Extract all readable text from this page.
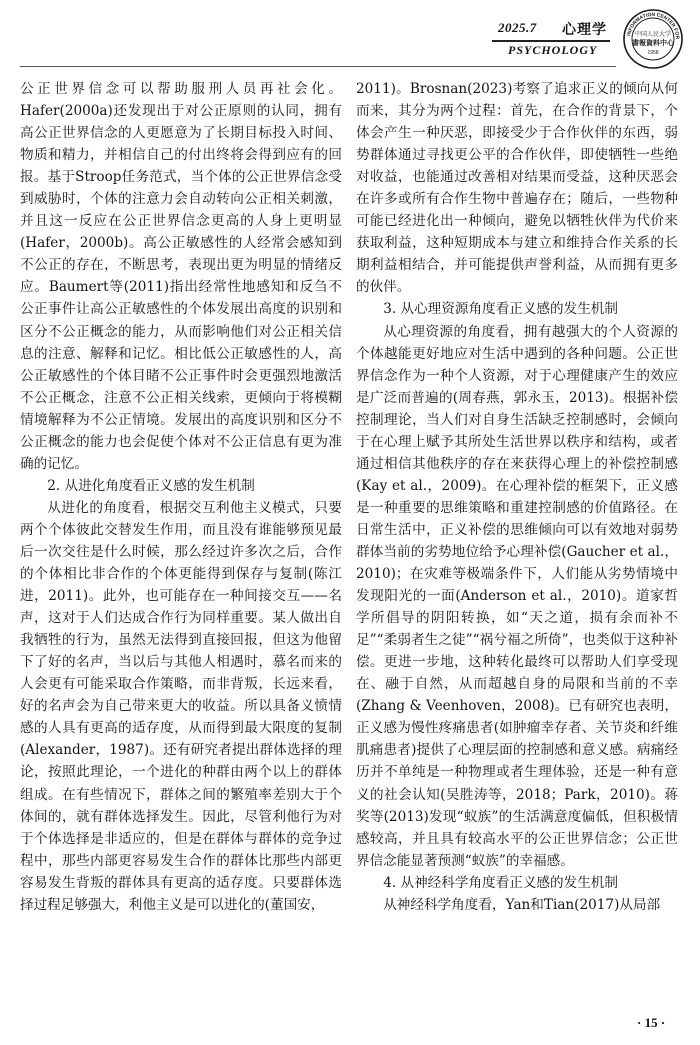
2025.7 心理学
PSYCHOLOGY
INFORMATION CENTER FOR
中国人民大学
書報資料中心
1958

公正世界信念可以帮助服刑人员再社会化。Hafer(2000a)还发现出于对公正原则的认同，拥有高公正世界信念的人更愿意为了长期目标投入时间、物质和精力，并相信自己的付出终将会得到应有的回报。基于Stroop任务范式，当个体的公正世界信念受到威胁时，个体的注意力会自动转向公正相关刺激，并且这一反应在公正世界信念更高的人身上更明显(Hafer，2000b)。高公正敏感性的人经常会感知到不公正的存在，不断思考，表现出更为明显的情绪反应。Baumert等(2011)指出经常性地感知和反刍不公正事件让高公正敏感性的个体发展出高度的识别和区分不公正概念的能力，从而影响他们对公正相关信息的注意、解释和记忆。相比低公正敏感性的人，高公正敏感性的个体目睹不公正事件时会更强烈地激活不公正概念，注意不公正相关线索，更倾向于将模糊情境解释为不公正情境。发展出的高度识别和区分不公正概念的能力也会促使个体对不公正信息有更为准确的记忆。

2. 从进化角度看正义感的发生机制

从进化的角度看，根据交互利他主义模式，只要两个个体彼此交替发生作用，而且没有谁能够预见最后一次交往是什么时候，那么经过许多次之后，合作的个体相比非合作的个体更能得到保存与复制(陈江进，2011)。此外，也可能存在一种间接交互——名声，这对于人们达成合作行为同样重要。某人做出自我牺牲的行为，虽然无法得到直接回报，但这为他留下了好的名声，当以后与其他人相遇时，慕名而来的人会更有可能采取合作策略，而非背叛，长远来看，好的名声会为自己带来更大的收益。所以具备义愤情感的人具有更高的适存度，从而得到最大限度的复制(Alexander，1987)。还有研究者提出群体选择的理论，按照此理论，一个进化的种群由两个以上的群体组成。在有些情况下，群体之间的繁殖率差别大于个体间的，就有群体选择发生。因此，尽管利他行为对于个体选择是非适应的，但是在群体与群体的竞争过程中，那些内部更容易发生合作的群体比那些内部更容易发生背叛的群体具有更高的适存度。只要群体选择过程足够强大，利他主义是可以进化的(董国安，

2011)。Brosnan(2023)考察了追求正义的倾向从何而来，其分为两个过程：首先，在合作的背景下，个体会产生一种厌恶，即接受少于合作伙伴的东西，弱势群体通过寻找更公平的合作伙伴，即使牺牲一些绝对收益，也能通过改善相对结果而受益，这种厌恶会在许多或所有合作生物中普遍存在；随后，一些物种可能已经进化出一种倾向，避免以牺牲伙伴为代价来获取利益，这种短期成本与建立和维持合作关系的长期利益相结合，并可能提供声誉利益，从而拥有更多的伙伴。

3. 从心理资源角度看正义感的发生机制

从心理资源的角度看，拥有越强大的个人资源的个体越能更好地应对生活中遇到的各种问题。公正世界信念作为一种个人资源，对于心理健康产生的效应是广泛而普遍的(周春燕，郭永玉，2013)。根据补偿控制理论，当人们对自身生活缺乏控制感时，会倾向于在心理上赋予其所处生活世界以秩序和结构，或者通过相信其他秩序的存在来获得心理上的补偿控制感(Kay et al.，2009)。在心理补偿的框架下，正义感是一种重要的思维策略和重建控制感的价值路径。在日常生活中，正义补偿的思维倾向可以有效地对弱势群体当前的劣势地位给予心理补偿(Gaucher et al.，2010)；在灾难等极端条件下，人们能从劣势情境中发现阳光的一面(Anderson et al.，2010)。道家哲学所倡导的阴阳转换，如“天之道，损有余而补不足”“柔弱者生之徒”“祸兮福之所倚”，也类似于这种补偿。更进一步地，这种转化最终可以帮助人们享受现在、融于自然，从而超越自身的局限和当前的不幸(Zhang & Veenhoven，2008)。已有研究也表明，正义感为慢性疼痛患者(如肿瘤幸存者、关节炎和纤维肌痛患者)提供了心理层面的控制感和意义感。病痛经历并不单纯是一种物理或者生理体验，还是一种有意义的社会认知(吴胜涛等，2018；Park，2010)。蒋奖等(2013)发现“蚁族”的生活满意度偏低，但积极情感较高，并且具有较高水平的公正世界信念；公正世界信念能显著预测“蚁族”的幸福感。

4. 从神经科学角度看正义感的发生机制

从神经科学角度看，Yan和Tian(2017)从局部

· 15 ·
